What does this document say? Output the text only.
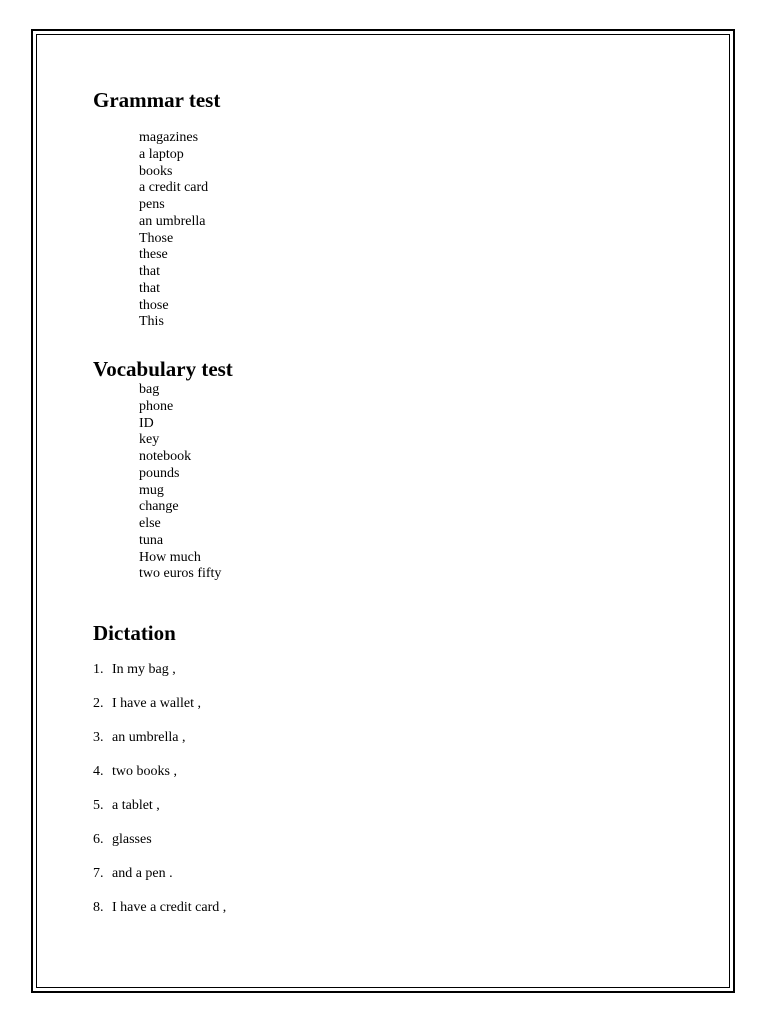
Grammar test
magazines
a laptop
books
a credit card
pens
an umbrella
Those
these
that
that
those
This
Vocabulary test
bag
phone
ID
key
notebook
pounds
mug
change
else
tuna
How much
two euros fifty
Dictation
1. In my bag ,
2. I have a wallet ,
3. an umbrella ,
4. two books ,
5. a tablet ,
6. glasses
7. and a pen .
8. I have a credit card ,
